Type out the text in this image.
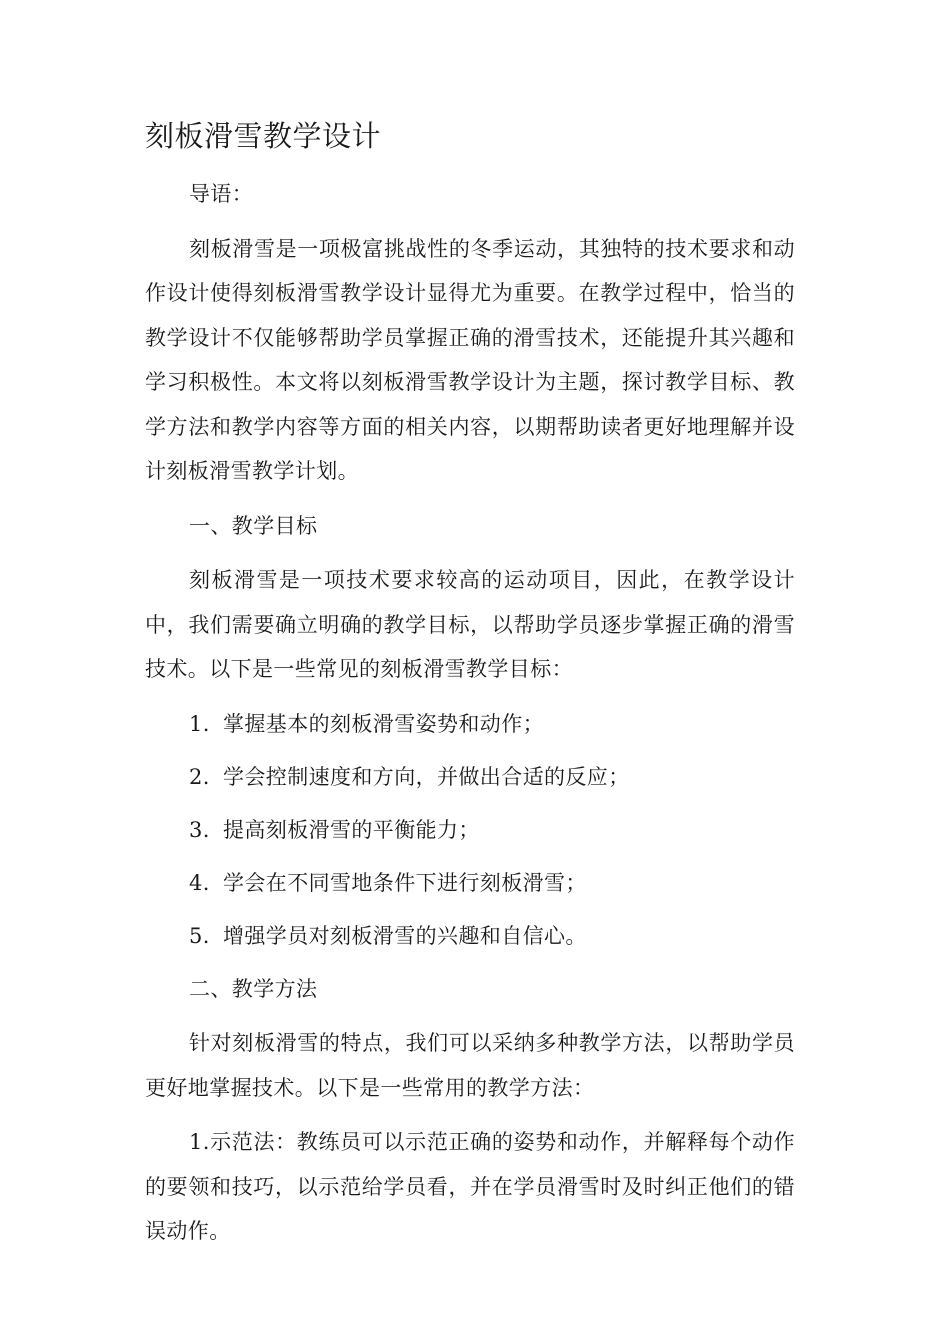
刻板滑雪教学设计

导语：

刻板滑雪是一项极富挑战性的冬季运动，其独特的技术要求和动作设计使得刻板滑雪教学设计显得尤为重要。在教学过程中，恰当的教学设计不仅能够帮助学员掌握正确的滑雪技术，还能提升其兴趣和学习积极性。本文将以刻板滑雪教学设计为主题，探讨教学目标、教学方法和教学内容等方面的相关内容，以期帮助读者更好地理解并设计刻板滑雪教学计划。

一、教学目标

刻板滑雪是一项技术要求较高的运动项目，因此，在教学设计中，我们需要确立明确的教学目标，以帮助学员逐步掌握正确的滑雪技术。以下是一些常见的刻板滑雪教学目标：

1. 掌握基本的刻板滑雪姿势和动作；
2. 学会控制速度和方向，并做出合适的反应；
3. 提高刻板滑雪的平衡能力；
4. 学会在不同雪地条件下进行刻板滑雪；
5. 增强学员对刻板滑雪的兴趣和自信心。

二、教学方法

针对刻板滑雪的特点，我们可以采纳多种教学方法，以帮助学员更好地掌握技术。以下是一些常用的教学方法：

1.示范法：教练员可以示范正确的姿势和动作，并解释每个动作的要领和技巧，以示范给学员看，并在学员滑雪时及时纠正他们的错误动作。
